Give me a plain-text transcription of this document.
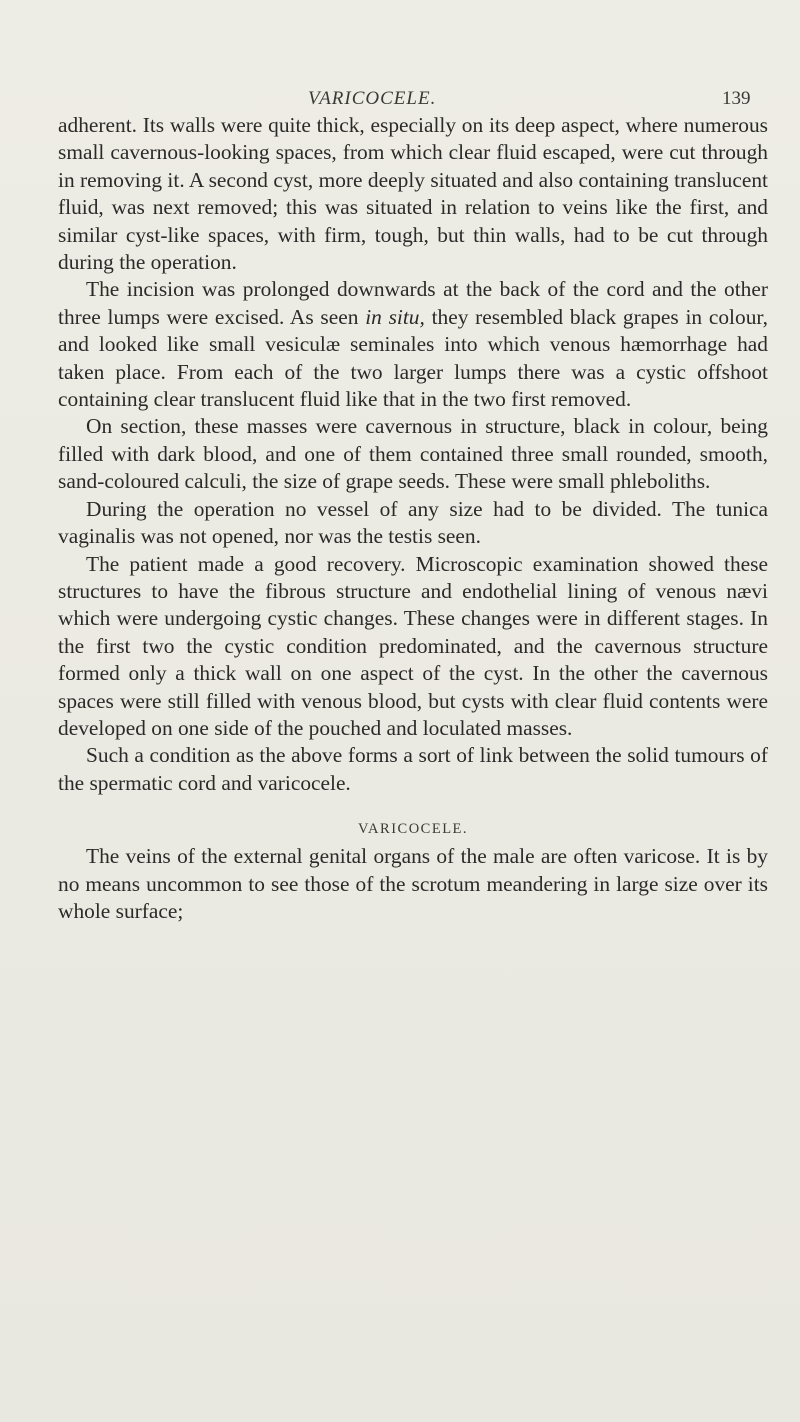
VARICOCELE.	139

adherent. Its walls were quite thick, especially on its deep aspect, where numerous small cavernous-looking spaces, from which clear fluid escaped, were cut through in removing it. A second cyst, more deeply situated and also containing translucent fluid, was next removed; this was situated in relation to veins like the first, and similar cyst-like spaces, with firm, tough, but thin walls, had to be cut through during the operation.

The incision was prolonged downwards at the back of the cord and the other three lumps were excised. As seen in situ, they resembled black grapes in colour, and looked like small vesiculæ seminales into which venous hæmorrhage had taken place. From each of the two larger lumps there was a cystic offshoot containing clear translucent fluid like that in the two first removed.

On section, these masses were cavernous in structure, black in colour, being filled with dark blood, and one of them contained three small rounded, smooth, sand-coloured calculi, the size of grape seeds. These were small phleboliths.

During the operation no vessel of any size had to be divided. The tunica vaginalis was not opened, nor was the testis seen.

The patient made a good recovery. Microscopic examination showed these structures to have the fibrous structure and endothelial lining of venous nævi which were undergoing cystic changes. These changes were in different stages. In the first two the cystic condition predominated, and the cavernous structure formed only a thick wall on one aspect of the cyst. In the other the cavernous spaces were still filled with venous blood, but cysts with clear fluid contents were developed on one side of the pouched and loculated masses.

Such a condition as the above forms a sort of link between the solid tumours of the spermatic cord and varicocele.

VARICOCELE.

The veins of the external genital organs of the male are often varicose. It is by no means uncommon to see those of the scrotum meandering in large size over its whole surface;
